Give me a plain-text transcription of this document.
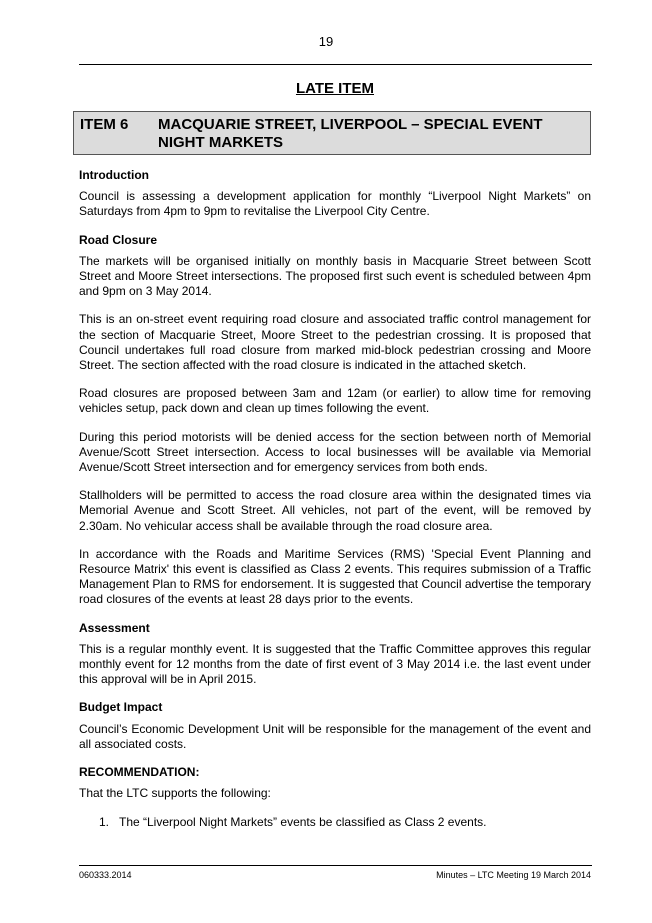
19
LATE ITEM
ITEM 6 MACQUARIE STREET, LIVERPOOL – SPECIAL EVENT NIGHT MARKETS
Introduction

Council is assessing a development application for monthly “Liverpool Night Markets” on Saturdays from 4pm to 9pm to revitalise the Liverpool City Centre.

Road Closure

The markets will be organised initially on monthly basis in Macquarie Street between Scott Street and Moore Street intersections. The proposed first such event is scheduled between 4pm and 9pm on 3 May 2014.

This is an on-street event requiring road closure and associated traffic control management for the section of Macquarie Street, Moore Street to the pedestrian crossing. It is proposed that Council undertakes full road closure from marked mid-block pedestrian crossing and Moore Street. The section affected with the road closure is indicated in the attached sketch.

Road closures are proposed between 3am and 12am (or earlier) to allow time for removing vehicles setup, pack down and clean up times following the event.

During this period motorists will be denied access for the section between north of Memorial Avenue/Scott Street intersection. Access to local businesses will be available via Memorial Avenue/Scott Street intersection and for emergency services from both ends.

Stallholders will be permitted to access the road closure area within the designated times via Memorial Avenue and Scott Street. All vehicles, not part of the event, will be removed by 2.30am. No vehicular access shall be available through the road closure area.

In accordance with the Roads and Maritime Services (RMS) 'Special Event Planning and Resource Matrix' this event is classified as Class 2 events. This requires submission of a Traffic Management Plan to RMS for endorsement. It is suggested that Council advertise the temporary road closures of the events at least 28 days prior to the events.

Assessment

This is a regular monthly event. It is suggested that the Traffic Committee approves this regular monthly event for 12 months from the date of first event of 3 May 2014 i.e. the last event under this approval will be in April 2015.

Budget Impact

Council’s Economic Development Unit will be responsible for the management of the event and all associated costs.

RECOMMENDATION:

That the LTC supports the following:

1. The “Liverpool Night Markets” events be classified as Class 2 events.
060333.2014	Minutes – LTC Meeting 19 March 2014
